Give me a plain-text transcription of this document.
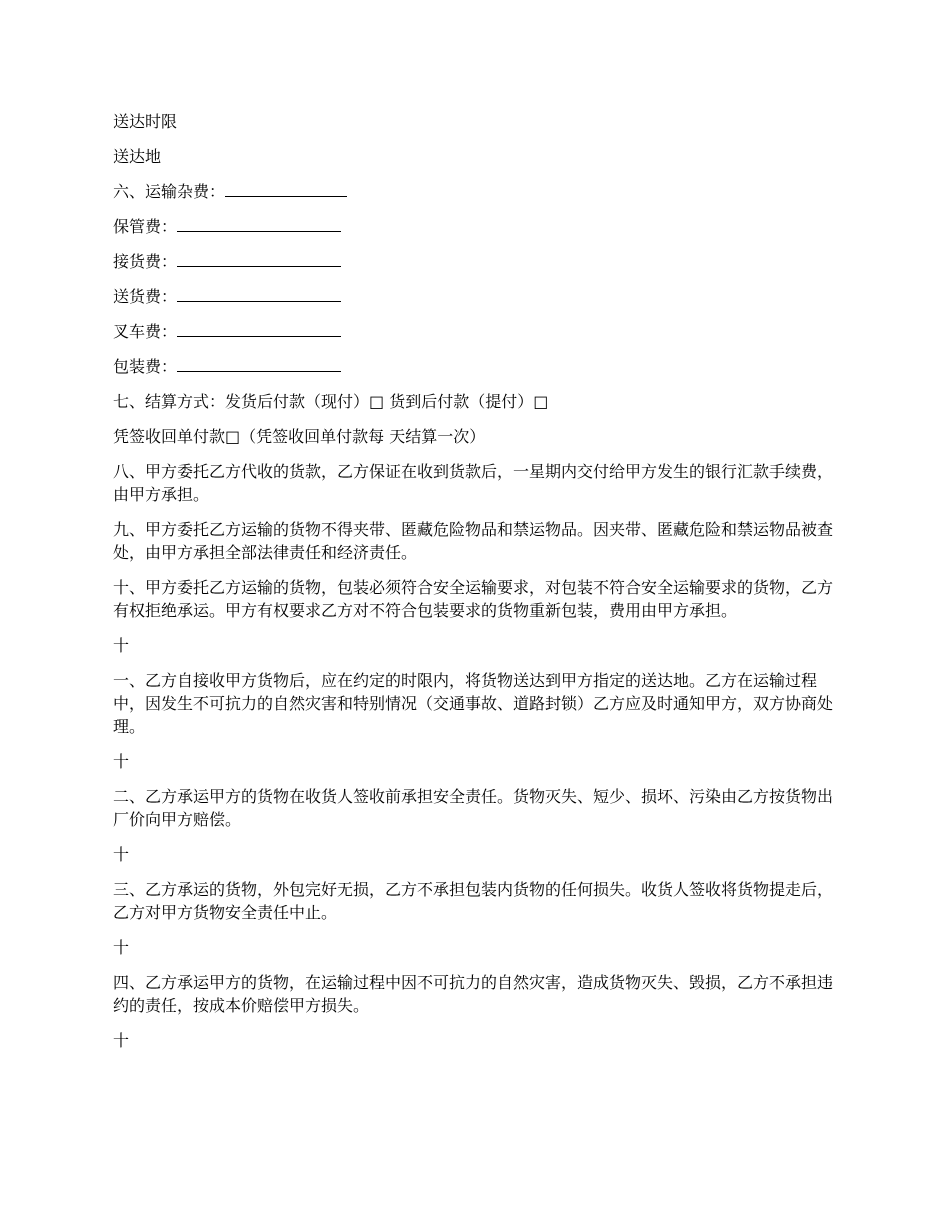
送达时限

送达地

六、运输杂费：

保管费：

接货费：

送货费：

叉车费：

包装费：

七、结算方式：发货后付款（现付）□ 货到后付款（提付）□

凭签收回单付款□（凭签收回单付款每 天结算一次）

八、甲方委托乙方代收的货款，乙方保证在收到货款后，一星期内交付给甲方发生的银行汇款手续费，由甲方承担。

九、甲方委托乙方运输的货物不得夹带、匿藏危险物品和禁运物品。因夹带、匿藏危险和禁运物品被查处，由甲方承担全部法律责任和经济责任。

十、甲方委托乙方运输的货物，包装必须符合安全运输要求，对包装不符合安全运输要求的货物，乙方有权拒绝承运。甲方有权要求乙方对不符合包装要求的货物重新包装，费用由甲方承担。

十

一、乙方自接收甲方货物后，应在约定的时限内，将货物送达到甲方指定的送达地。乙方在运输过程中，因发生不可抗力的自然灾害和特别情况（交通事故、道路封锁）乙方应及时通知甲方，双方协商处理。

十

二、乙方承运甲方的货物在收货人签收前承担安全责任。货物灭失、短少、损坏、污染由乙方按货物出厂价向甲方赔偿。

十

三、乙方承运的货物，外包完好无损，乙方不承担包装内货物的任何损失。收货人签收将货物提走后，乙方对甲方货物安全责任中止。

十

四、乙方承运甲方的货物，在运输过程中因不可抗力的自然灾害，造成货物灭失、毁损，乙方不承担违约的责任，按成本价赔偿甲方损失。

十
